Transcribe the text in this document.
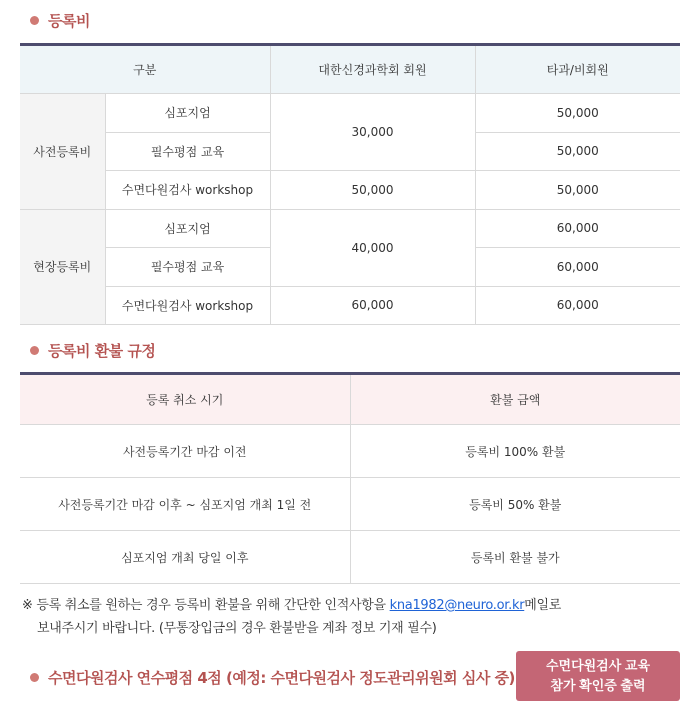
등록비
구분		대한신경과학회 회원	타과/비회원
사전등록비	심포지엄	30,000	50,000
	필수평점 교육		50,000
	수면다원검사 workshop	50,000	50,000
현장등록비	심포지엄	40,000	60,000
	필수평점 교육		60,000
	수면다원검사 workshop	60,000	60,000
등록비 환불 규정
등록 취소 시기	환불 금액
사전등록기간 마감 이전	등록비 100% 환불
사전등록기간 마감 이후 ~ 심포지엄 개최 1일 전	등록비 50% 환불
심포지엄 개최 당일 이후	등록비 환불 불가
※ 등록 취소를 원하는 경우 등록비 환불을 위해 간단한 인적사항을 kna1982@neuro.or.kr메일로
보내주시기 바랍니다. (무통장입금의 경우 환불받을 계좌 정보 기재 필수)
수면다원검사 연수평점 4점 (예정: 수면다원검사 정도관리위원회 심사 중)
수면다원검사 교육
참가 확인증 출력
